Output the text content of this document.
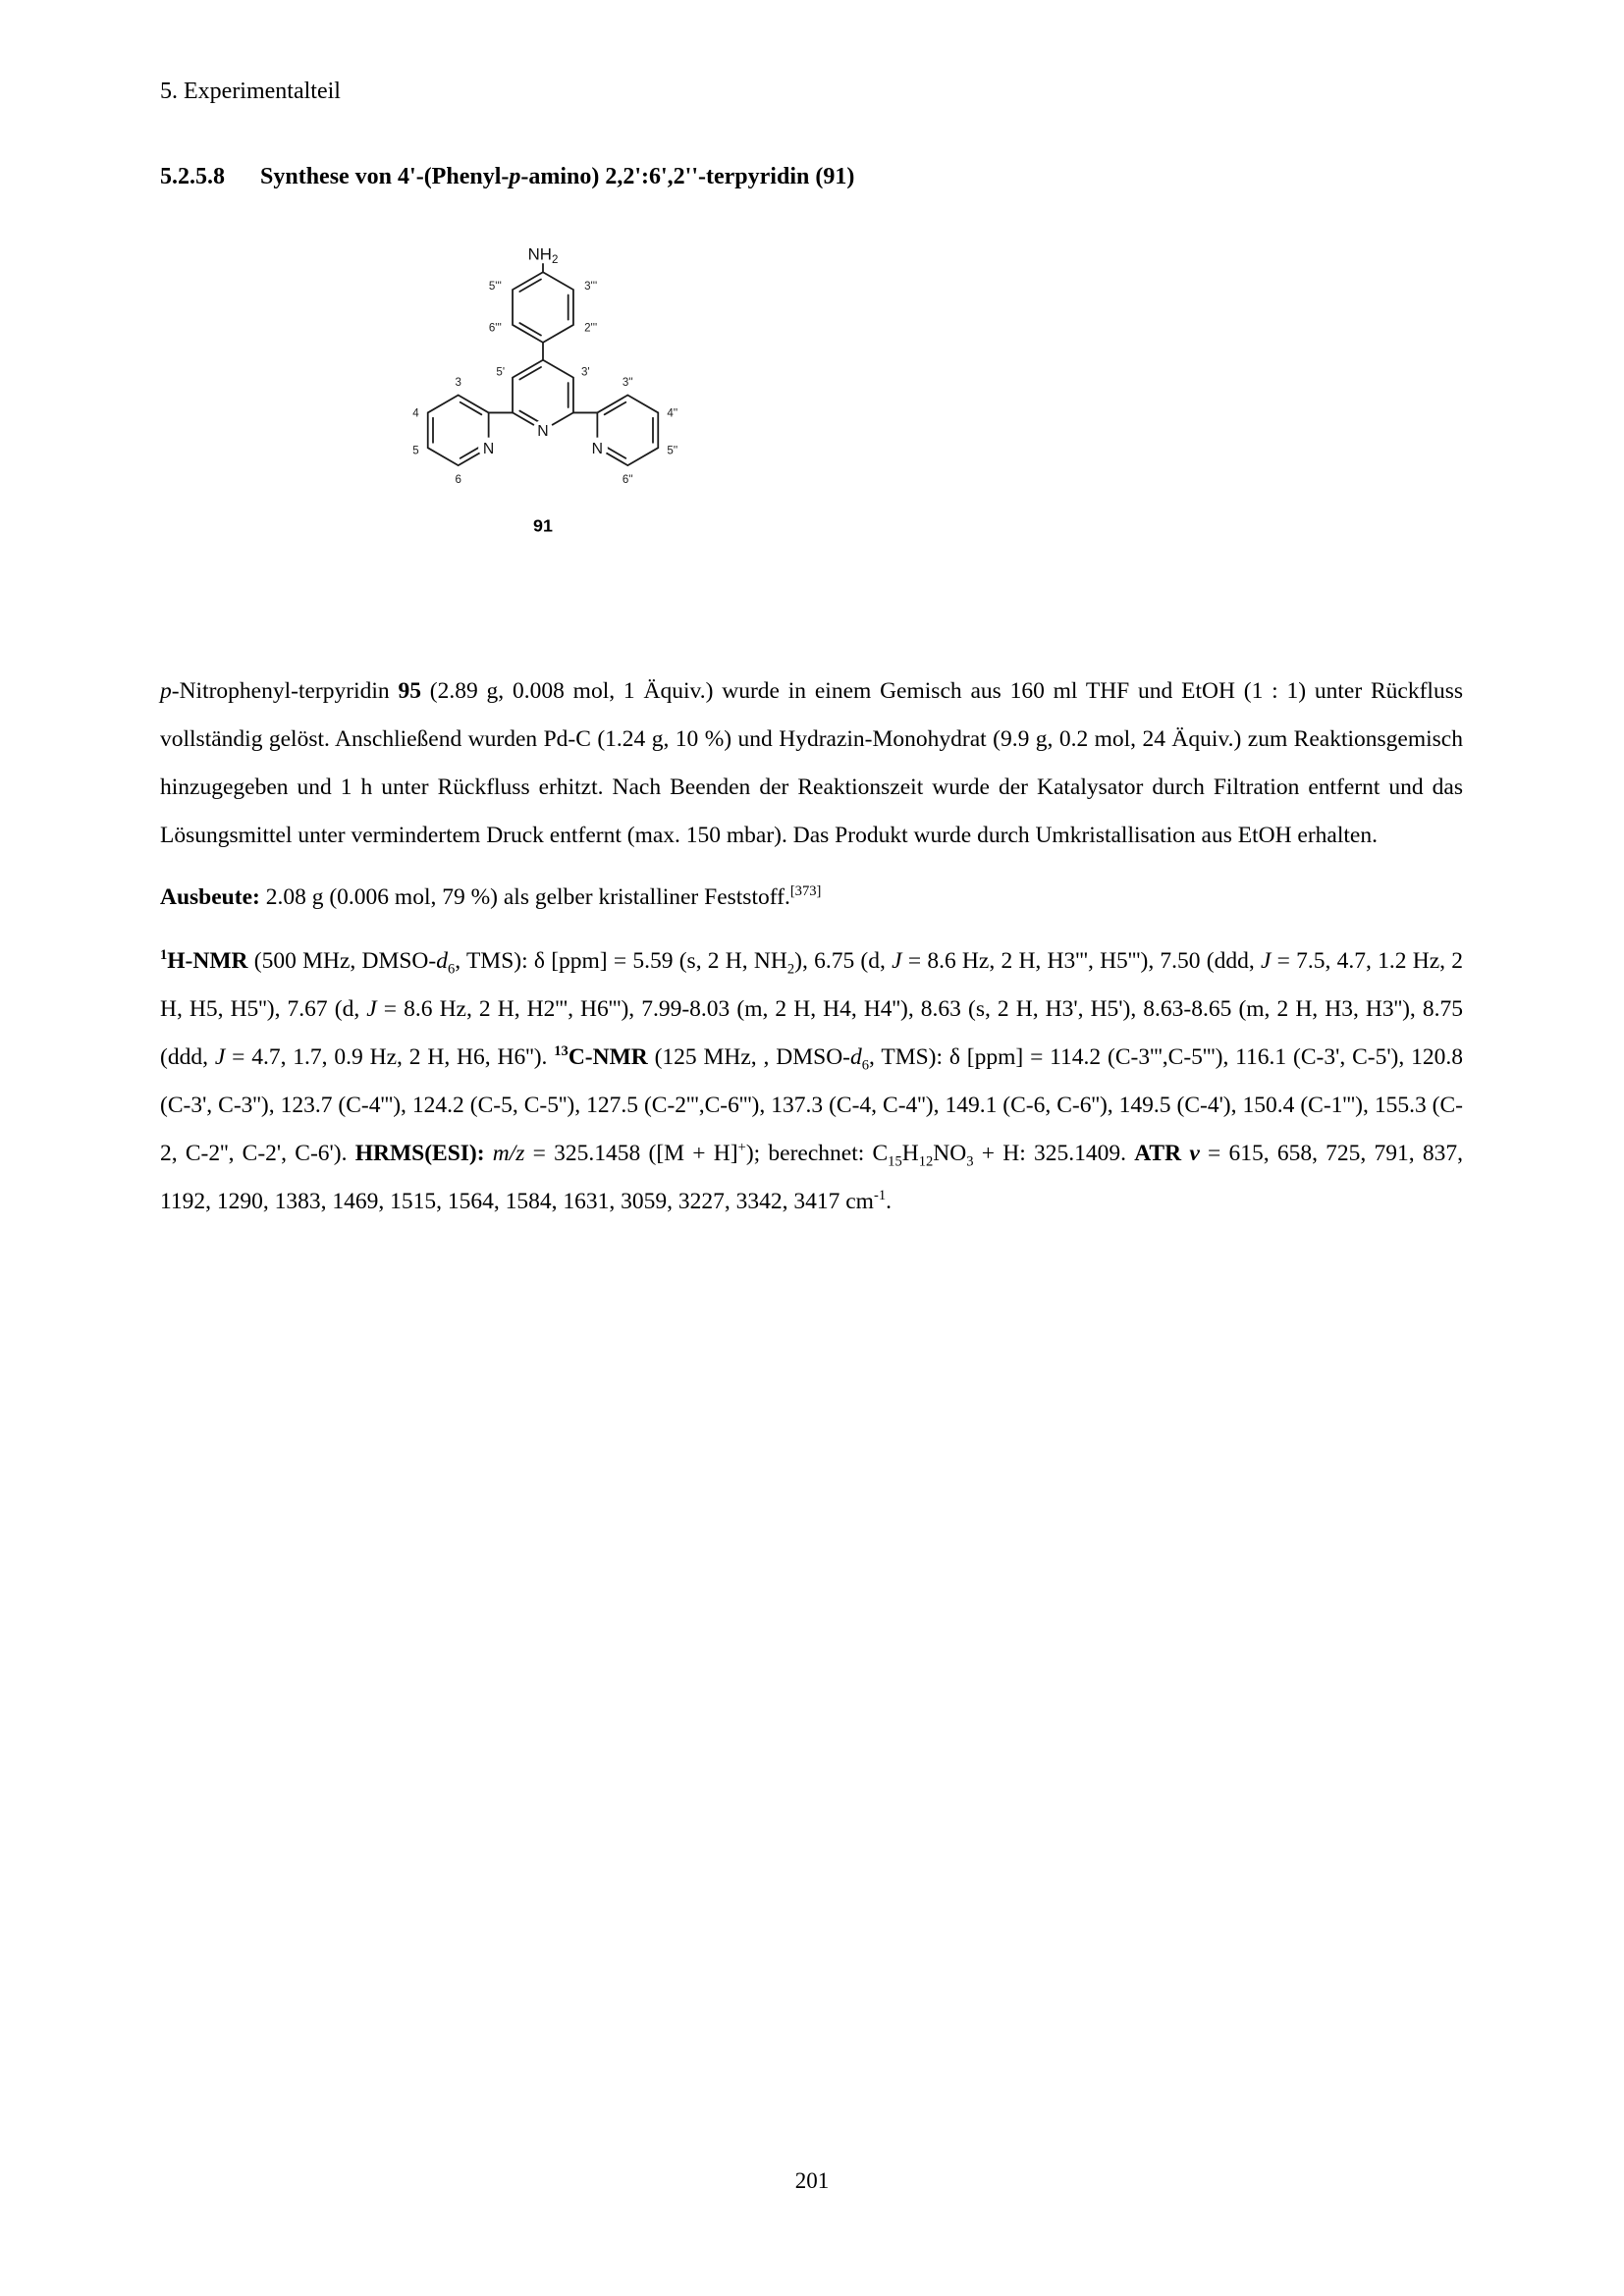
5. Experimentalteil
5.2.5.8 Synthese von 4'-(Phenyl-p-amino) 2,2':6',2''-terpyridin (91)
NH2
N
N	N
5'''	3'''
6'''	2'''
5'	3'
3
4
5
6
3''
4''
5''
6''
91

p-Nitrophenyl-terpyridin 95 (2.89 g, 0.008 mol, 1 Äquiv.) wurde in einem Gemisch aus 160 ml THF und EtOH (1 : 1) unter Rückfluss vollständig gelöst. Anschließend wurden Pd-C (1.24 g, 10 %) und Hydrazin-Monohydrat (9.9 g, 0.2 mol, 24 Äquiv.) zum Reaktionsgemisch hinzugegeben und 1 h unter Rückfluss erhitzt. Nach Beenden der Reaktionszeit wurde der Katalysator durch Filtration entfernt und das Lösungsmittel unter vermindertem Druck entfernt (max. 150 mbar). Das Produkt wurde durch Umkristallisation aus EtOH erhalten.

Ausbeute: 2.08 g (0.006 mol, 79 %) als gelber kristalliner Feststoff.[373]

$^1$H-NMR (500 MHz, DMSO-$d_6$, TMS): δ [ppm] = 5.59 (s, 2 H, $NH_2$), 6.75 (d, J = 8.6 Hz, 2 H, H3''', H5'''), 7.50 (ddd, J = 7.5, 4.7, 1.2 Hz, 2 H, H5, H5''), 7.67 (d, J = 8.6 Hz, 2 H, H2''', H6'''), 7.99-8.03 (m, 2 H, H4, H4''), 8.63 (s, 2 H, H3', H5'), 8.63-8.65 (m, 2 H, H3, H3''), 8.75 (ddd, J = 4.7, 1.7, 0.9 Hz, 2 H, H6, H6''). $^{13}$C-NMR (125 MHz, , DMSO-$d_6$, TMS): δ [ppm] = 114.2 (C-3''',C-5'''), 116.1 (C-3', C-5'), 120.8 (C-3', C-3''), 123.7 (C-4'''), 124.2 (C-5, C-5''), 127.5 (C-2''',C-6'''), 137.3 (C-4, C-4''), 149.1 (C-6, C-6''), 149.5 (C-4'), 150.4 (C-1'''), 155.3 (C-2, C-2'', C-2', C-6'). HRMS(ESI): m/z = 325.1458 ([M + H]+); berechnet: $C_{15}H_{12}NO_3 + H$: 325.1409. ATR ν = 615, 658, 725, 791, 837, 1192, 1290, 1383, 1469, 1515, 1564, 1584, 1631, 3059, 3227, 3342, 3417 $cm^{-1}$.

201
